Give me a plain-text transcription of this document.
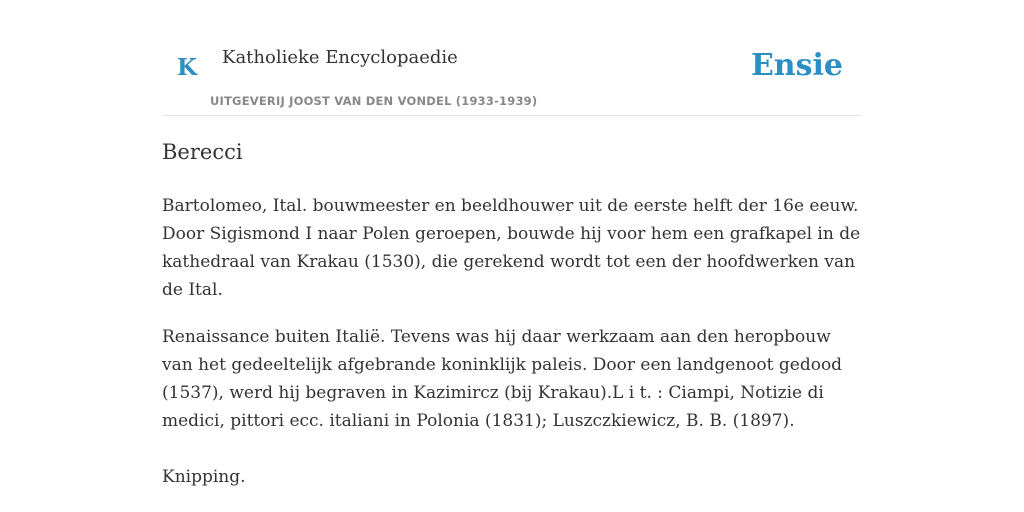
K Katholieke Encyclopaedie
UITGEVERIJ JOOST VAN DEN VONDEL (1933-1939)
Ensie
Berecci

Bartolomeo, Ital. bouwmeester en beeldhouwer uit de eerste helft der 16e eeuw. Door Sigismond I naar Polen geroepen, bouwde hij voor hem een grafkapel in de kathedraal van Krakau (1530), die gerekend wordt tot een der hoofdwerken van de Ital.

Renaissance buiten Italië. Tevens was hij daar werkzaam aan den heropbouw van het gedeeltelijk afgebrande koninklijk paleis. Door een landgenoot gedood (1537), werd hij begraven in Kazimircz (bij Krakau).L i t. : Ciampi, Notizie di medici, pittori ecc. italiani in Polonia (1831); Luszczkiewicz, B. B. (1897).

Knipping.
